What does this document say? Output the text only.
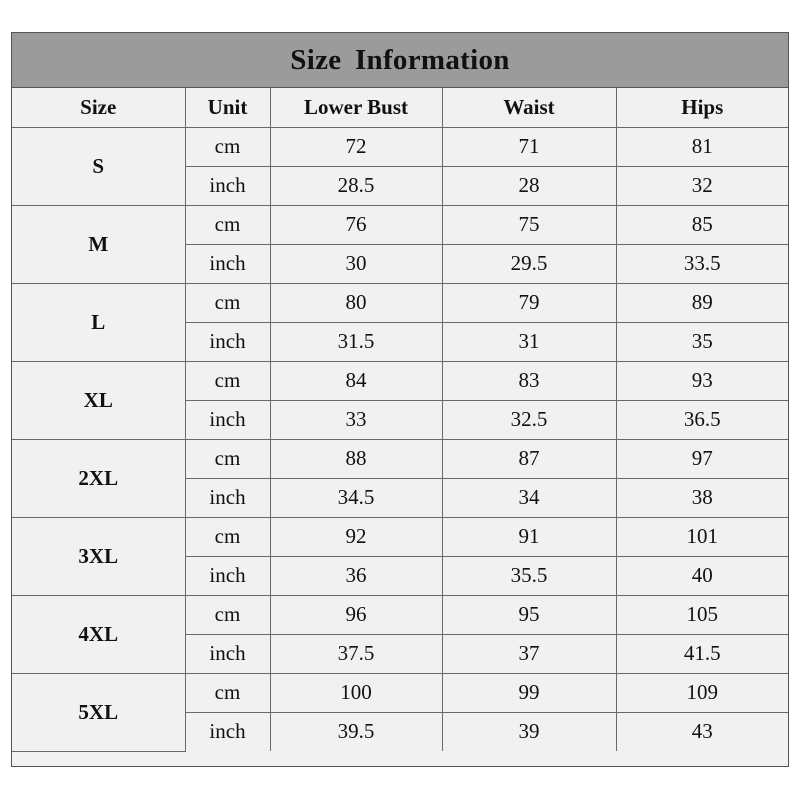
Size Information
Size	Unit	Lower Bust	Waist	Hips
S	cm	72	71	81
	inch	28.5	28	32
M	cm	76	75	85
	inch	30	29.5	33.5
L	cm	80	79	89
	inch	31.5	31	35
XL	cm	84	83	93
	inch	33	32.5	36.5
2XL	cm	88	87	97
	inch	34.5	34	38
3XL	cm	92	91	101
	inch	36	35.5	40
4XL	cm	96	95	105
	inch	37.5	37	41.5
5XL	cm	100	99	109
	inch	39.5	39	43
